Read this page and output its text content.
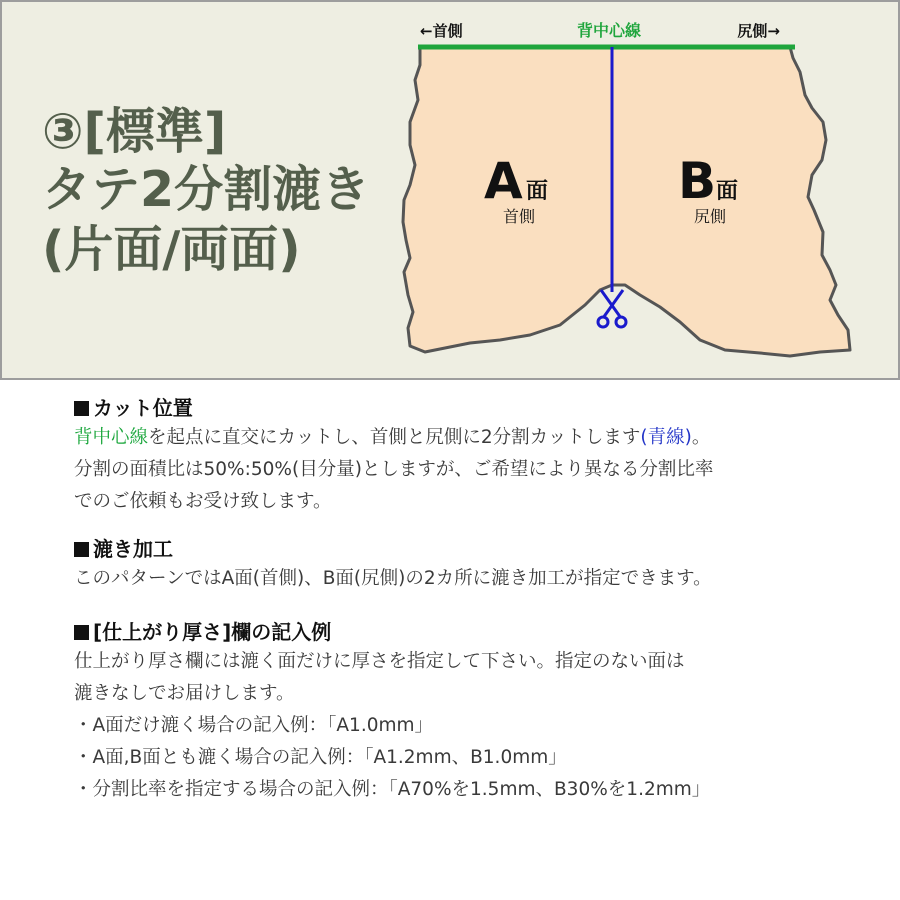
③[標準]
タテ2分割漉き
(片面/両面)
←首側	背中心線	尻側→
A 面
首側
B 面
尻側
カット位置
背中心線を起点に直交にカットし、首側と尻側に2分割カットします(青線)。
分割の面積比は50%:50%(目分量)としますが、ご希望により異なる分割比率
でのご依頼もお受け致します。
漉き加工
このパターンではA面(首側)、B面(尻側)の2カ所に漉き加工が指定できます。
[仕上がり厚さ]欄の記入例
仕上がり厚さ欄には漉く面だけに厚さを指定して下さい。指定のない面は
漉きなしでお届けします。
・A面だけ漉く場合の記入例：「A1.0mm」
・A面,B面とも漉く場合の記入例：「A1.2mm、B1.0mm」
・分割比率を指定する場合の記入例：「A70%を1.5mm、B30%を1.2mm」
